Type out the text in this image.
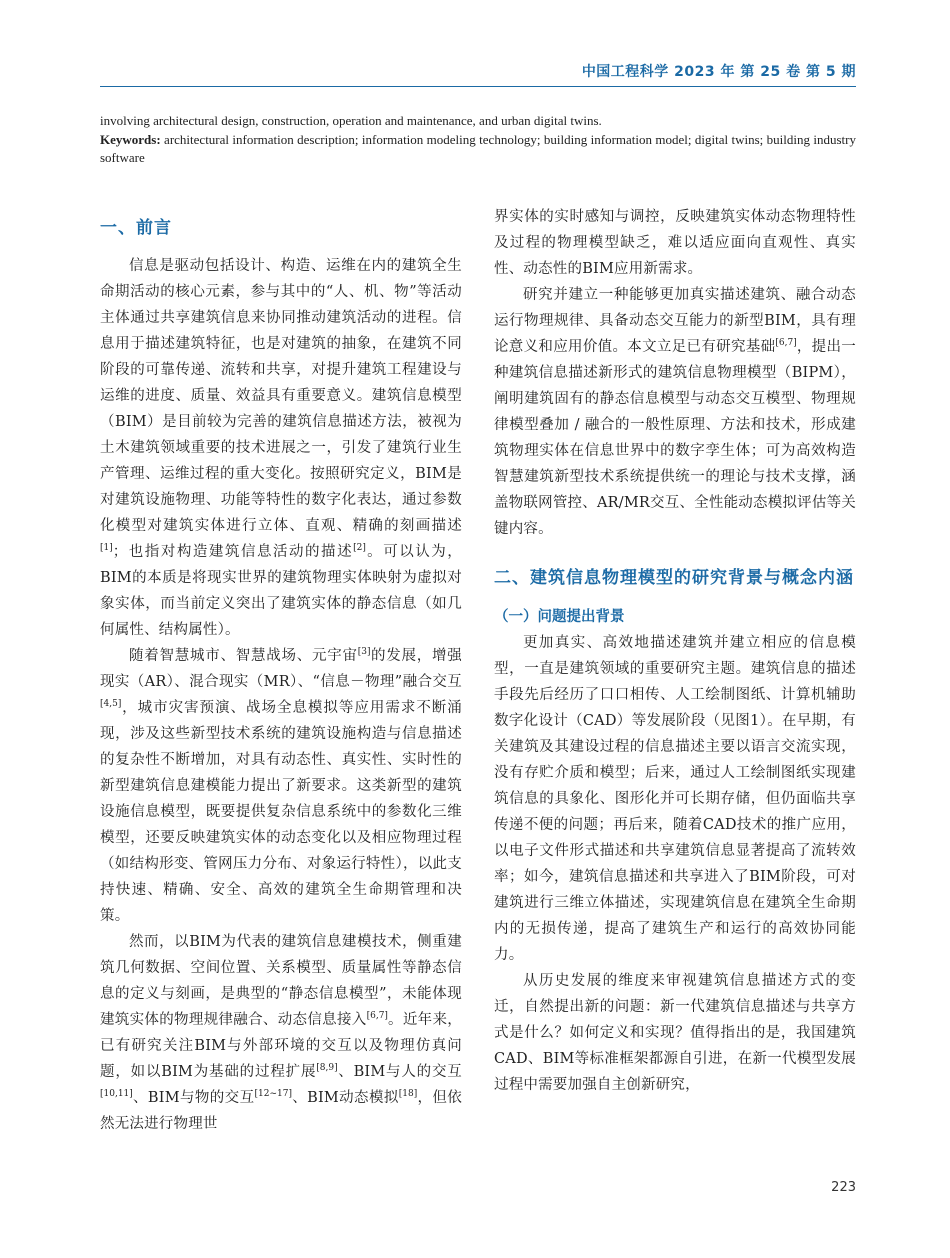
中国工程科学 2023 年 第 25 卷 第 5 期

involving architectural design, construction, operation and maintenance, and urban digital twins.

Keywords: architectural information description; information modeling technology; building information model; digital twins; building industry software

一、前言

信息是驱动包括设计、构造、运维在内的建筑全生命期活动的核心元素，参与其中的“人、机、物”等活动主体通过共享建筑信息来协同推动建筑活动的进程。信息用于描述建筑特征，也是对建筑的抽象，在建筑不同阶段的可靠传递、流转和共享，对提升建筑工程建设与运维的进度、质量、效益具有重要意义。建筑信息模型（BIM）是目前较为完善的建筑信息描述方法，被视为土木建筑领域重要的技术进展之一，引发了建筑行业生产管理、运维过程的重大变化。按照研究定义，BIM是对建筑设施物理、功能等特性的数字化表达，通过参数化模型对建筑实体进行立体、直观、精确的刻画描述[1]；也指对构造建筑信息活动的描述[2]。可以认为，BIM的本质是将现实世界的建筑物理实体映射为虚拟对象实体，而当前定义突出了建筑实体的静态信息（如几何属性、结构属性）。

随着智慧城市、智慧战场、元宇宙[3]的发展，增强现实（AR）、混合现实（MR）、“信息－物理”融合交互[4,5]，城市灾害预演、战场全息模拟等应用需求不断涌现，涉及这些新型技术系统的建筑设施构造与信息描述的复杂性不断增加，对具有动态性、真实性、实时性的新型建筑信息建模能力提出了新要求。这类新型的建筑设施信息模型，既要提供复杂信息系统中的参数化三维模型，还要反映建筑实体的动态变化以及相应物理过程（如结构形变、管网压力分布、对象运行特性），以此支持快速、精确、安全、高效的建筑全生命期管理和决策。

然而，以BIM为代表的建筑信息建模技术，侧重建筑几何数据、空间位置、关系模型、质量属性等静态信息的定义与刻画，是典型的“静态信息模型”，未能体现建筑实体的物理规律融合、动态信息接入[6,7]。近年来，已有研究关注BIM与外部环境的交互以及物理仿真问题，如以BIM为基础的过程扩展[8,9]、BIM与人的交互[10,11]、BIM与物的交互[12~17]、BIM动态模拟[18]，但依然无法进行物理世

界实体的实时感知与调控，反映建筑实体动态物理特性及过程的物理模型缺乏，难以适应面向直观性、真实性、动态性的BIM应用新需求。

研究并建立一种能够更加真实描述建筑、融合动态运行物理规律、具备动态交互能力的新型BIM，具有理论意义和应用价值。本文立足已有研究基础[6,7]，提出一种建筑信息描述新形式的建筑信息物理模型（BIPM），阐明建筑固有的静态信息模型与动态交互模型、物理规律模型叠加 / 融合的一般性原理、方法和技术，形成建筑物理实体在信息世界中的数字孪生体；可为高效构造智慧建筑新型技术系统提供统一的理论与技术支撑，涵盖物联网管控、AR/MR交互、全性能动态模拟评估等关键内容。

二、建筑信息物理模型的研究背景与概念内涵
（一）问题提出背景

更加真实、高效地描述建筑并建立相应的信息模型，一直是建筑领域的重要研究主题。建筑信息的描述手段先后经历了口口相传、人工绘制图纸、计算机辅助数字化设计（CAD）等发展阶段（见图1）。在早期，有关建筑及其建设过程的信息描述主要以语言交流实现，没有存贮介质和模型；后来，通过人工绘制图纸实现建筑信息的具象化、图形化并可长期存储，但仍面临共享传递不便的问题；再后来，随着CAD技术的推广应用，以电子文件形式描述和共享建筑信息显著提高了流转效率；如今，建筑信息描述和共享进入了BIM阶段，可对建筑进行三维立体描述，实现建筑信息在建筑全生命期内的无损传递，提高了建筑生产和运行的高效协同能力。

从历史发展的维度来审视建筑信息描述方式的变迁，自然提出新的问题：新一代建筑信息描述与共享方式是什么？如何定义和实现？值得指出的是，我国建筑CAD、BIM等标准框架都源自引进，在新一代模型发展过程中需要加强自主创新研究，

223
